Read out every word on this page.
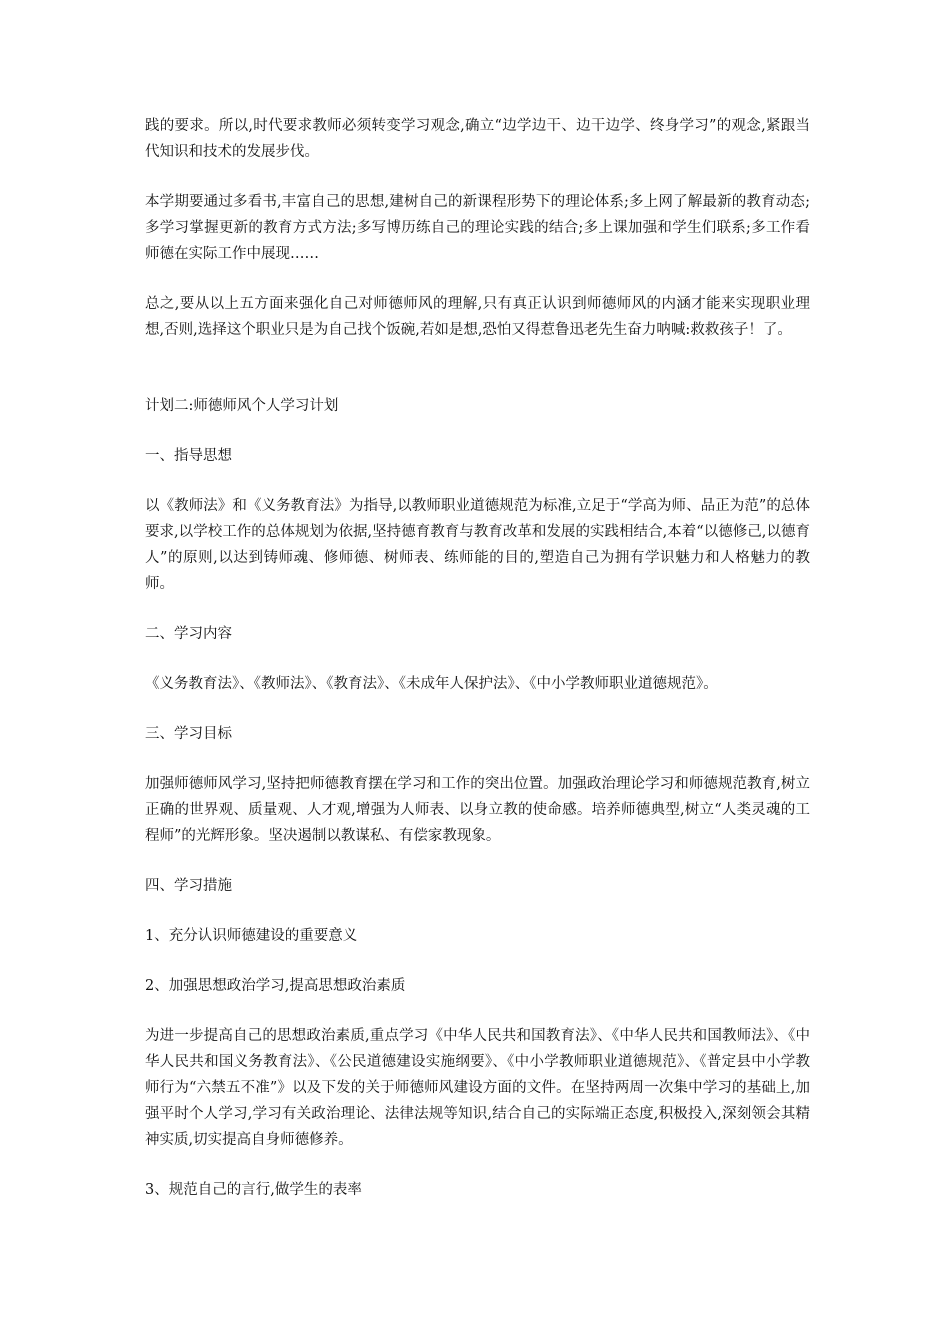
践的要求。所以,时代要求教师必须转变学习观念,确立“边学边干、边干边学、终身学习”的观念,紧跟当代知识和技术的发展步伐。

本学期要通过多看书,丰富自己的思想,建树自己的新课程形势下的理论体系;多上网了解最新的教育动态;多学习掌握更新的教育方式方法;多写博历练自己的理论实践的结合;多上课加强和学生们联系;多工作看师德在实际工作中展现……

总之,要从以上五方面来强化自己对师德师风的理解,只有真正认识到师德师风的内涵才能来实现职业理想,否则,选择这个职业只是为自己找个饭碗,若如是想,恐怕又得惹鲁迅老先生奋力呐喊:救救孩子！了。

计划二:师德师风个人学习计划

一、指导思想

以《教师法》和《义务教育法》为指导,以教师职业道德规范为标准,立足于“学高为师、品正为范”的总体要求,以学校工作的总体规划为依据,坚持德育教育与教育改革和发展的实践相结合,本着“以德修己,以德育人”的原则,以达到铸师魂、修师德、树师表、练师能的目的,塑造自己为拥有学识魅力和人格魅力的教师。

二、学习内容

《义务教育法》、《教师法》、《教育法》、《未成年人保护法》、《中小学教师职业道德规范》。

三、学习目标

加强师德师风学习,坚持把师德教育摆在学习和工作的突出位置。加强政治理论学习和师德规范教育,树立正确的世界观、质量观、人才观,增强为人师表、以身立教的使命感。培养师德典型,树立“人类灵魂的工程师”的光辉形象。坚决遏制以教谋私、有偿家教现象。

四、学习措施

1、充分认识师德建设的重要意义

2、加强思想政治学习,提高思想政治素质

为进一步提高自己的思想政治素质,重点学习《中华人民共和国教育法》、《中华人民共和国教师法》、《中华人民共和国义务教育法》、《公民道德建设实施纲要》、《中小学教师职业道德规范》、《普定县中小学教师行为“六禁五不准”》以及下发的关于师德师风建设方面的文件。在坚持两周一次集中学习的基础上,加强平时个人学习,学习有关政治理论、法律法规等知识,结合自己的实际端正态度,积极投入,深刻领会其精神实质,切实提高自身师德修养。

3、规范自己的言行,做学生的表率
